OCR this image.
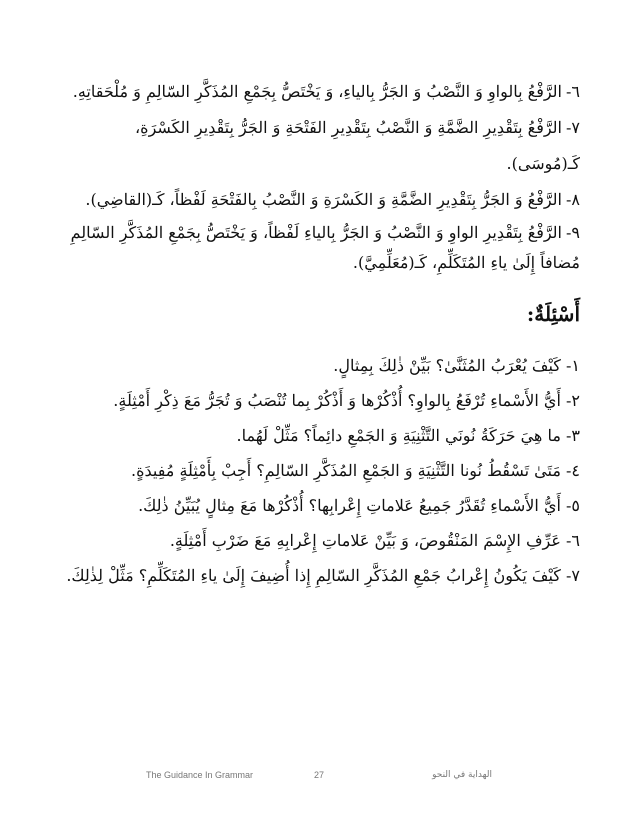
٦-الرَّفْعُ بِالواوِ وَ النَّصْبُ وَ الجَرُّ بِالياءِ، وَ يَخْتَصُّ بِجَمْعِ المُذَكَّرِ السّالِمِ وَ مُلْحَقاتِهِ.

٧-الرَّفْعُ بِتَقْدِيرِ الضَّمَّةِ وَ النَّصْبُ بِتَقْدِيرِ الفَتْحَةِ وَ الجَرُّ بِتَقْدِيرِ الكَسْرَةِ، كَـ(مُوسَى).

٨-الرَّفْعُ وَ الجَرُّ بِتَقْدِيرِ الضَّمَّةِ وَ الكَسْرَةِ وَ النَّصْبُ بِالفَتْحَةِ لَفْظاً، كَـ(القاضِي).

٩-الرَّفْعُ بِتَقْدِيرِ الواوِ وَ النَّصْبُ وَ الجَرُّ بِالياءِ لَفْظاً، وَ يَخْتَصُّ بِجَمْعِ المُذَكَّرِ السّالِمِ مُضافاً إِلَىٰ ياءِ المُتَكَلِّمِ، كَـ(مُعَلِّمِيَّ).

أَسْئِلَةٌ:

١- كَيْفَ يُعْرَبُ المُثَنَّىٰ؟ بَيِّنْ ذٰلِكَ بِمِثالٍ.

٢- أَيُّ الأَسْماءِ تُرْفَعُ بِالواوِ؟ أُذْكُرْها وَ أَذْكُرْ بِما تُنْصَبُ وَ تُجَرُّ مَعَ ذِكْرِ أَمْثِلَةٍ.

٣- ما هِيَ حَرَكَةُ نُونَي التَّثْنِيَةِ وَ الجَمْعِ دائِماً؟ مَثِّلْ لَهُما.

٤- مَتَىٰ تَسْقُطُ نُونا التَّثْنِيَةِ وَ الجَمْعِ المُذَكَّرِ السّالِمِ؟ أَجِبْ بِأَمْثِلَةٍ مُفِيدَةٍ.

٥- أَيُّ الأَسْماءِ تُقَدَّرُ جَمِيعُ عَلاماتِ إِعْرابِها؟ أُذْكُرْها مَعَ مِثالٍ يُبَيِّنُ ذٰلِكَ.

٦- عَرِّفِ الإِسْمَ المَنْقُوصَ، وَ بَيِّنْ عَلاماتِ إِعْرابِهِ مَعَ ضَرْبِ أَمْثِلَةٍ.

٧- كَيْفَ يَكُونُ إِعْرابُ جَمْعِ المُذَكَّرِ السّالِمِ إِذا أُضِيفَ إِلَىٰ ياءِ المُتَكَلِّمِ؟ مَثِّلْ لِذٰلِكَ.

The Guidance In Grammar	27	الهداية في النحو
